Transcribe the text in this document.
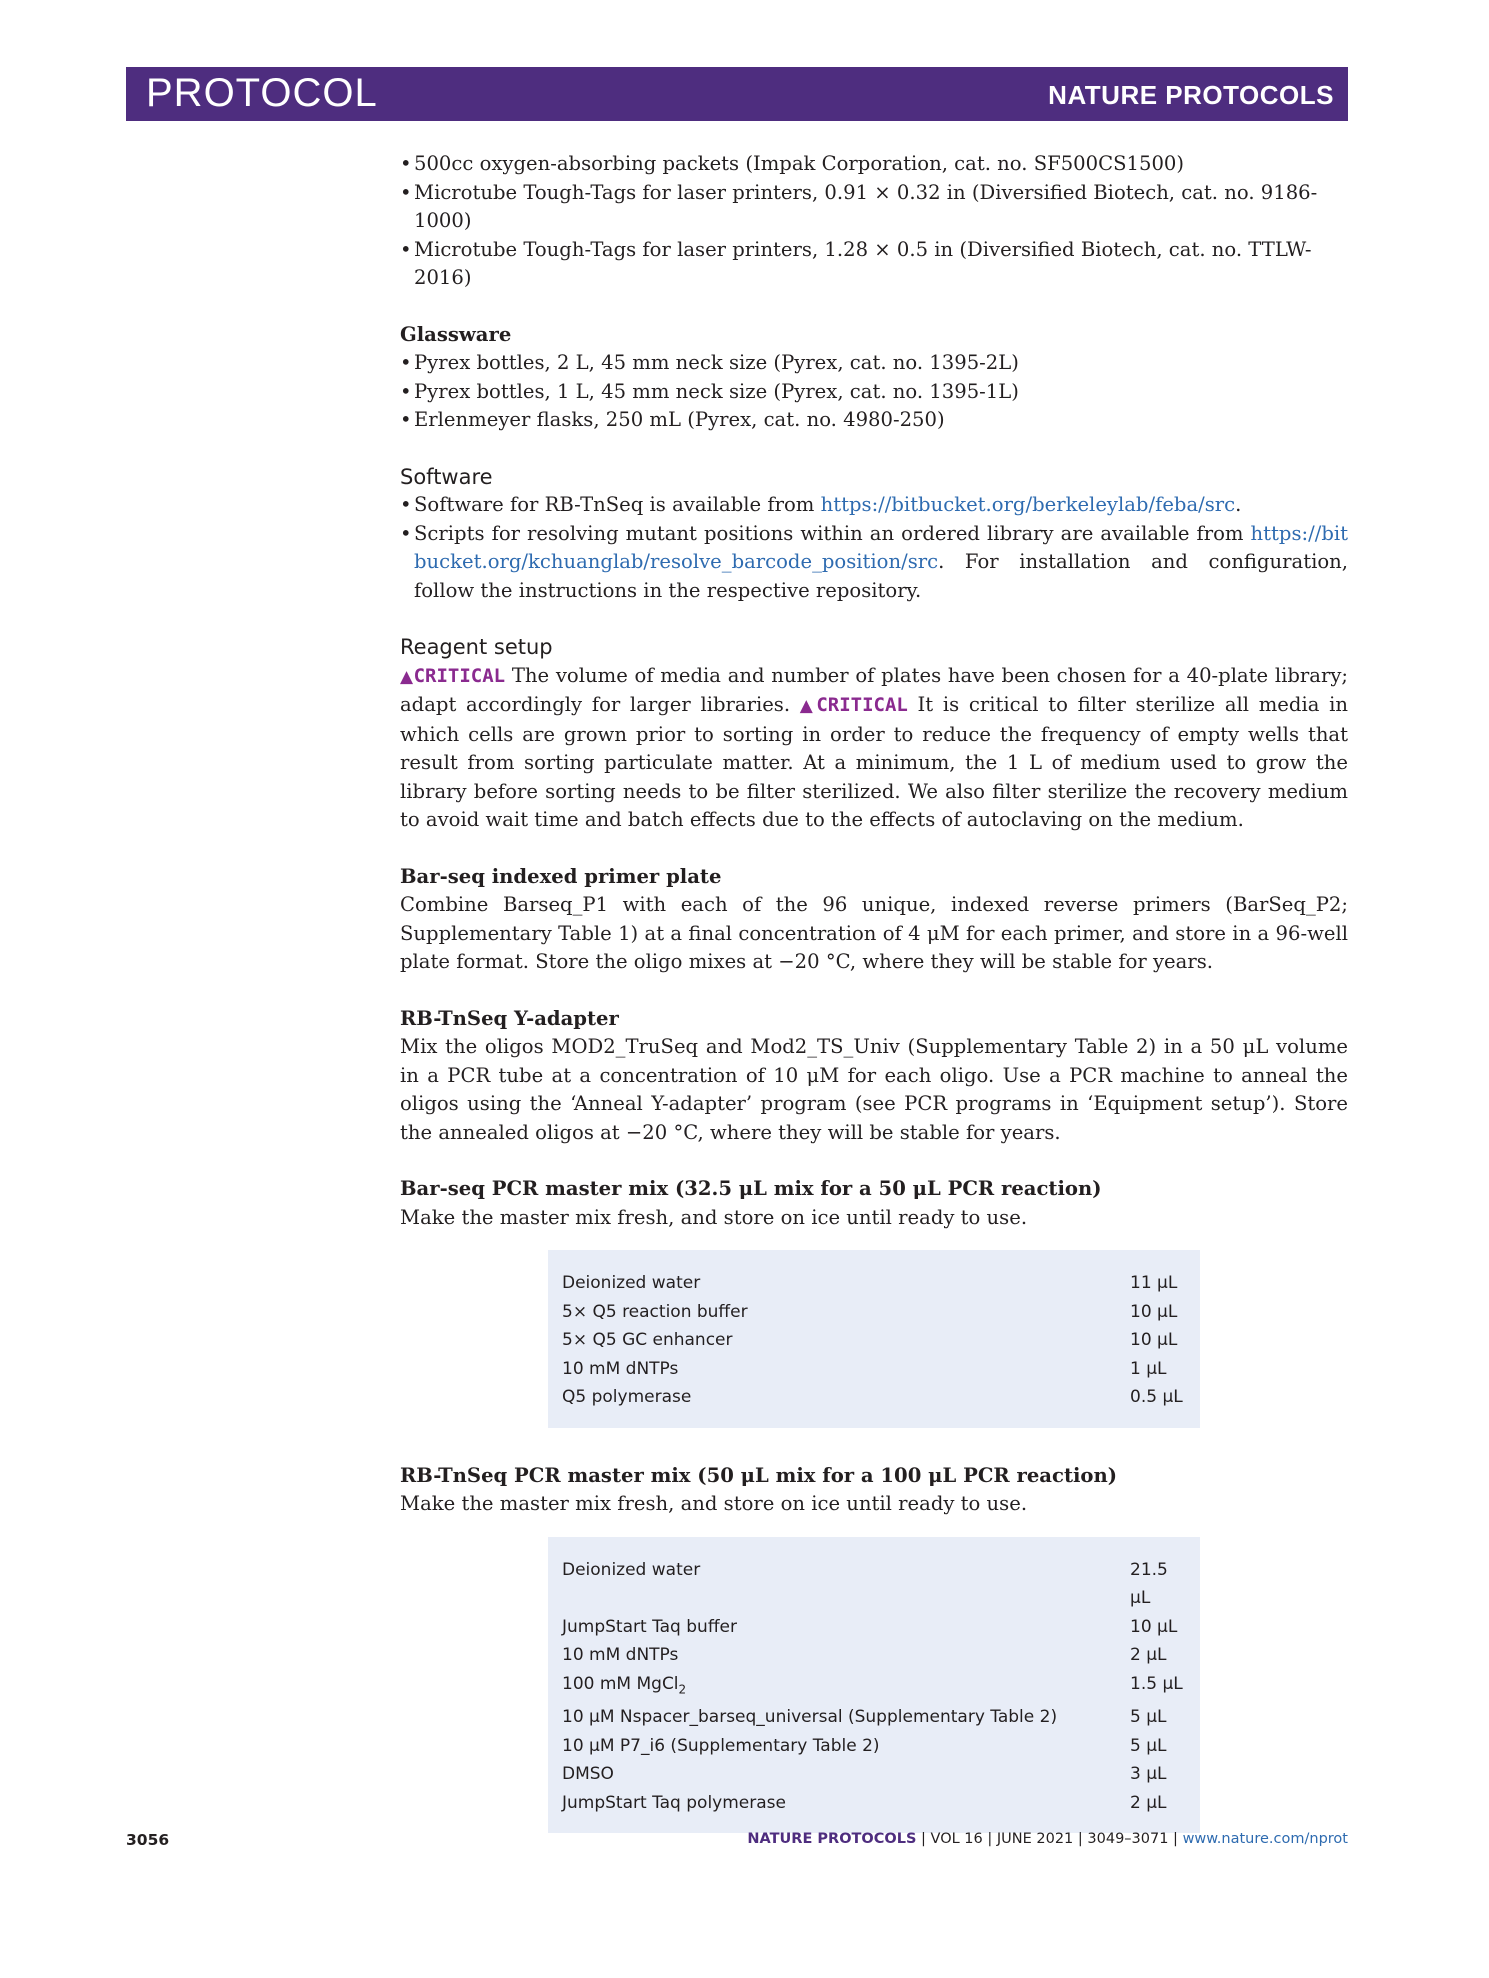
PROTOCOL	NATURE PROTOCOLS

• 500cc oxygen-absorbing packets (Impak Corporation, cat. no. SF500CS1500)

• Microtube Tough-Tags for laser printers, 0.91 × 0.32 in (Diversified Biotech, cat. no. 9186-1000)

• Microtube Tough-Tags for laser printers, 1.28 × 0.5 in (Diversified Biotech, cat. no. TTLW-2016)

Glassware

• Pyrex bottles, 2 L, 45 mm neck size (Pyrex, cat. no. 1395-2L)

• Pyrex bottles, 1 L, 45 mm neck size (Pyrex, cat. no. 1395-1L)

• Erlenmeyer flasks, 250 mL (Pyrex, cat. no. 4980-250)

Software

• Software for RB-TnSeq is available from https://bitbucket.org/berkeleylab/feba/src.

• Scripts for resolving mutant positions within an ordered library are available from https://bitbucket.org/kchuanglab/resolve_barcode_position/src. For installation and configuration, follow the instructions in the respective repository.

Reagent setup

▲CRITICAL The volume of media and number of plates have been chosen for a 40-plate library; adapt accordingly for larger libraries. ▲CRITICAL It is critical to filter sterilize all media in which cells are grown prior to sorting in order to reduce the frequency of empty wells that result from sorting particulate matter. At a minimum, the 1 L of medium used to grow the library before sorting needs to be filter sterilized. We also filter sterilize the recovery medium to avoid wait time and batch effects due to the effects of autoclaving on the medium.

Bar-seq indexed primer plate

Combine Barseq_P1 with each of the 96 unique, indexed reverse primers (BarSeq_P2; Supplementary Table 1) at a final concentration of 4 μM for each primer, and store in a 96-well plate format. Store the oligo mixes at −20 °C, where they will be stable for years.

RB-TnSeq Y-adapter

Mix the oligos MOD2_TruSeq and Mod2_TS_Univ (Supplementary Table 2) in a 50 μL volume in a PCR tube at a concentration of 10 μM for each oligo. Use a PCR machine to anneal the oligos using the ‘Anneal Y-adapter’ program (see PCR programs in ‘Equipment setup’). Store the annealed oligos at −20 °C, where they will be stable for years.

Bar-seq PCR master mix (32.5 μL mix for a 50 μL PCR reaction)

Make the master mix fresh, and store on ice until ready to use.

Deionized water	11 μL
5× Q5 reaction buffer	10 μL
5× Q5 GC enhancer	10 μL
10 mM dNTPs	1 μL
Q5 polymerase	0.5 μL

RB-TnSeq PCR master mix (50 μL mix for a 100 μL PCR reaction)

Make the master mix fresh, and store on ice until ready to use.

Deionized water	21.5 μL
JumpStart Taq buffer	10 μL
10 mM dNTPs	2 μL
100 mM MgCl$_2$	1.5 μL
10 μM Nspacer_barseq_universal (Supplementary Table 2)	5 μL
10 μM P7_i6 (Supplementary Table 2)	5 μL
DMSO	3 μL
JumpStart Taq polymerase	2 μL
3056	NATURE PROTOCOLS | VOL 16 | JUNE 2021 | 3049–3071 | www.nature.com/nprot
